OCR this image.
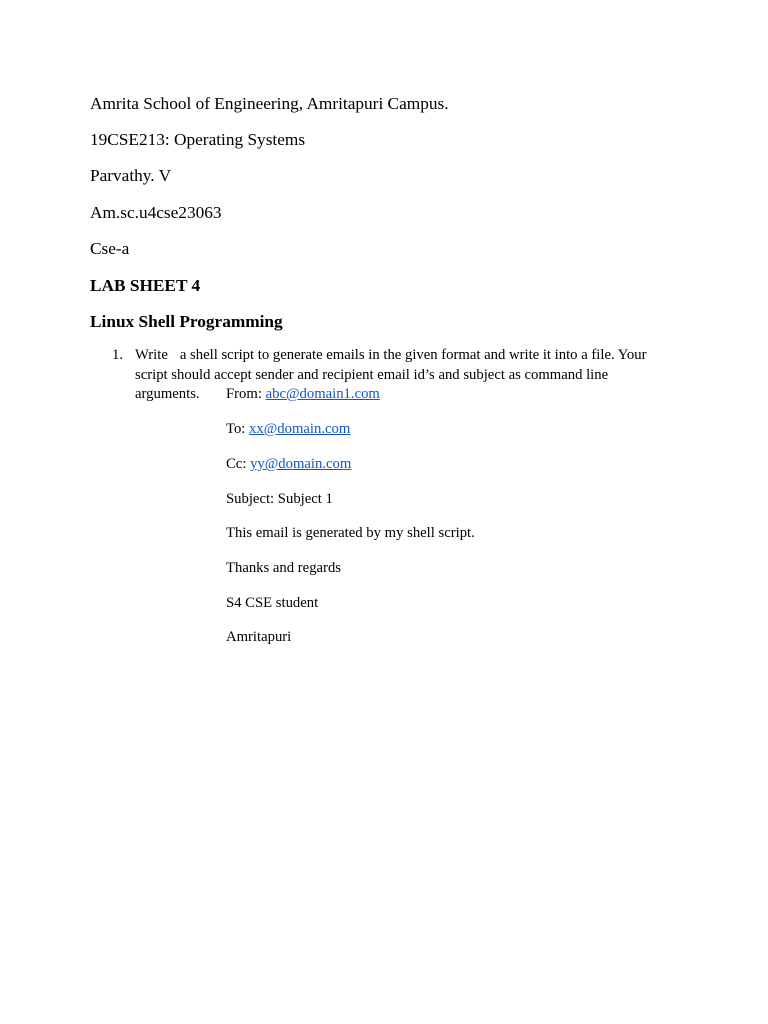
Amrita School of Engineering, Amritapuri Campus.
19CSE213: Operating Systems
Parvathy. V
Am.sc.u4cse23063
Cse-a
LAB SHEET 4
Linux Shell Programming
1. Write a shell script to generate emails in the given format and write it into a file. Your
script should accept sender and recipient email id’s and subject as command line
arguments.	From: abc@domain1.com
To: xx@domain.com
Cc: yy@domain.com
Subject: Subject 1
This email is generated by my shell script.
Thanks and regards
S4 CSE student
Amritapuri
